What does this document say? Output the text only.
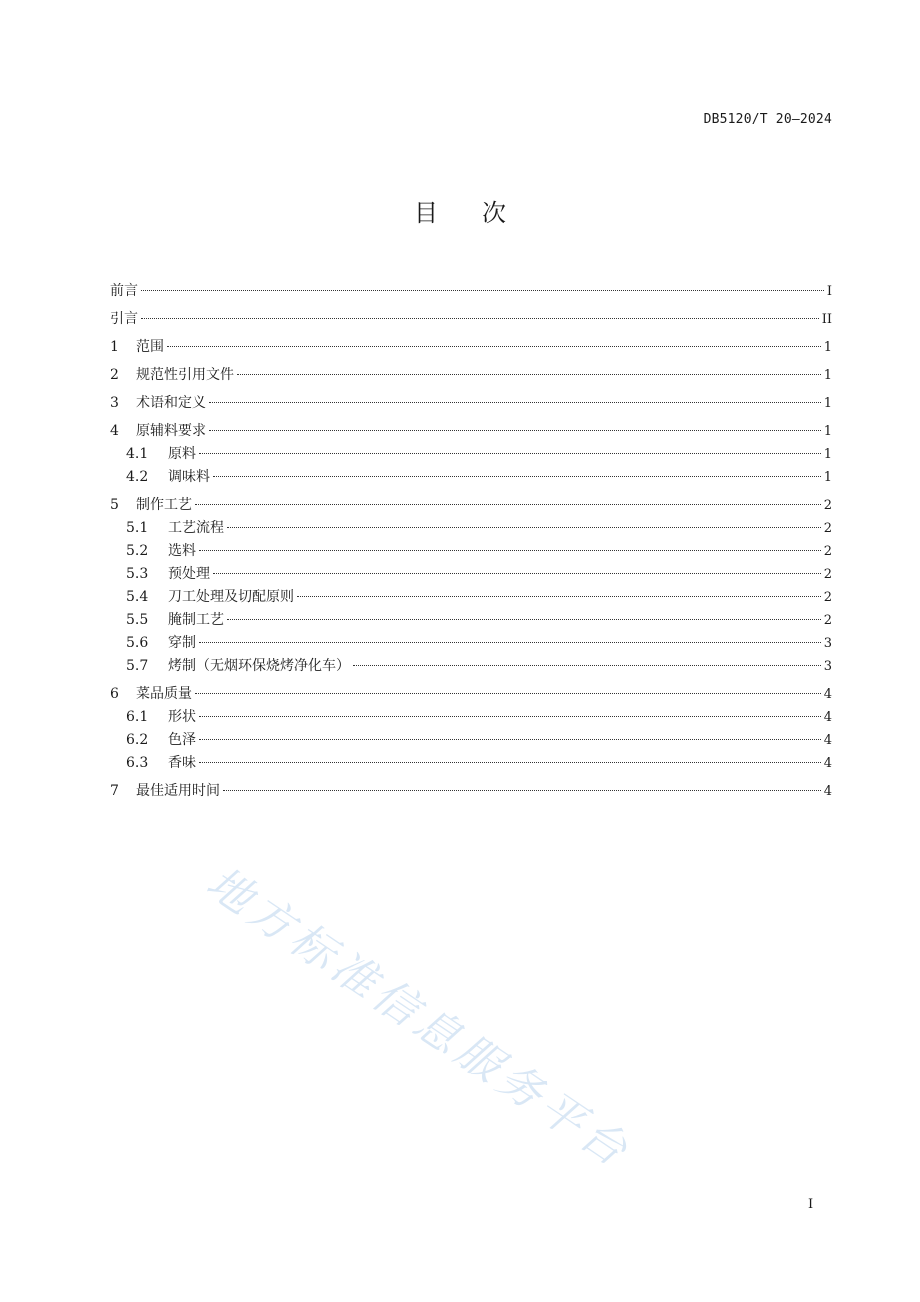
DB5120/T 20—2024
目 次
前言	I
引言	II
1	范围	1
2	规范性引用文件	1
3	术语和定义	1
4	原辅料要求	1
4.1	原料	1
4.2	调味料	1
5	制作工艺	2
5.1	工艺流程	2
5.2	选料	2
5.3	预处理	2
5.4	刀工处理及切配原则	2
5.5	腌制工艺	2
5.6	穿制	3
5.7	烤制（无烟环保烧烤净化车）	3
6	菜品质量	4
6.1	形状	4
6.2	色泽	4
6.3	香味	4
7	最佳适用时间	4
地方标准信息服务平台
I
